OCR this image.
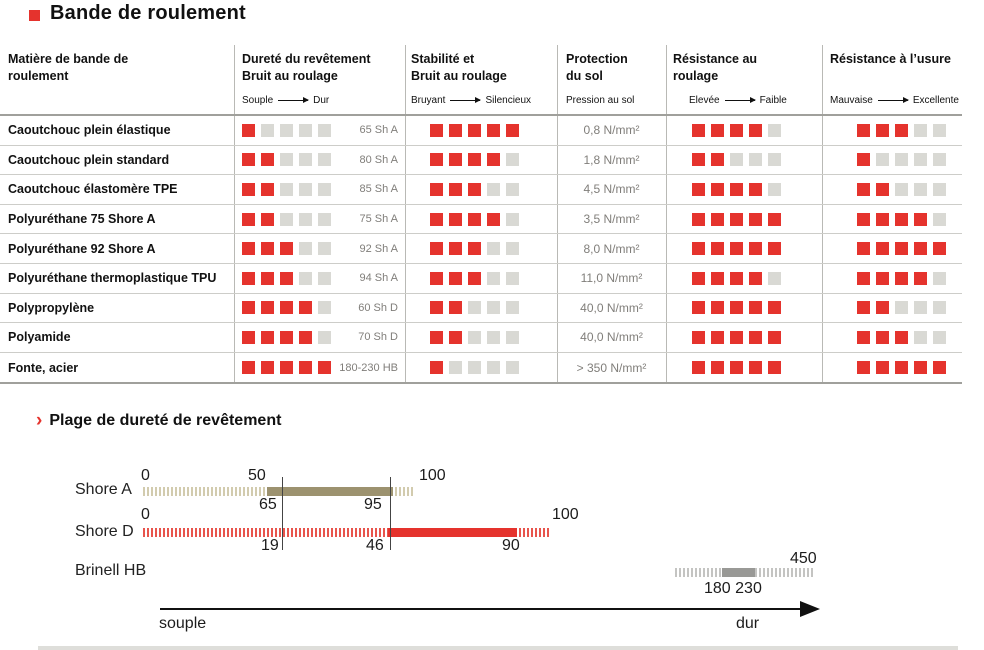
Bande de roulement
Matière de bande de
roulement
Dureté du revêtement
Bruit au roulage
Stabilité et
Bruit au roulage
Protection
du sol
Résistance au
roulage
Résistance à l’usure
Souple	Dur	Bruyant	Silencieux	Pression au sol	Elevée	Faible	Mauvaise	Excellente
Caoutchouc plein élastique	65 Sh A	0,8 N/mm²
Caoutchouc plein standard	80 Sh A	1,8 N/mm²
Caoutchouc élastomère TPE	85 Sh A	4,5 N/mm²
Polyuréthane 75 Shore A	75 Sh A	3,5 N/mm²
Polyuréthane 92 Shore A	92 Sh A	8,0 N/mm²
Polyuréthane thermoplastique TPU	94 Sh A	11,0 N/mm²
Polypropylène	60 Sh D	40,0 N/mm²
Polyamide	70 Sh D	40,0 N/mm²
Fonte, acier	180-230 HB	> 350 N/mm²
› Plage de dureté de revêtement
Shore A
Shore D
Brinell HB
0	50	100
65	95
0	100
19	46	90
450
180 230
souple	dur
